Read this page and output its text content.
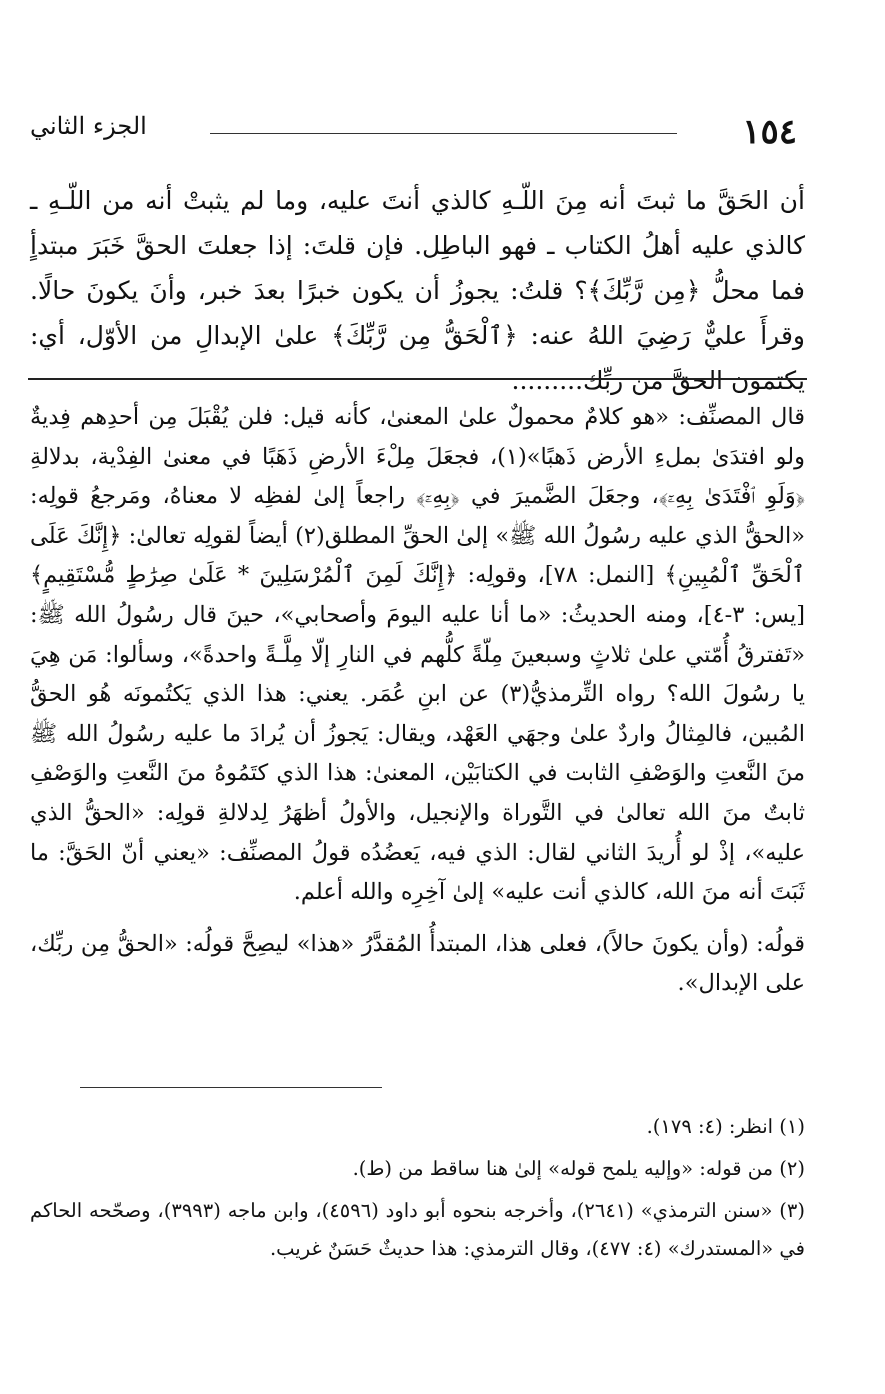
١٥٤
الجزء الثاني

أن الحَقَّ ما ثبتَ أنه مِنَ اللّـهِ كالذي أنتَ عليه، وما لم يثبتْ أنه من اللّـهِ ـ كالذي عليه أهلُ الكتاب ـ فهو الباطِل. فإن قلتَ: إذا جعلتَ الحقَّ خَبَرَ مبتدأٍ فما محلُّ ﴿مِن رَّبِّكَ﴾؟ قلتُ: يجوزُ أن يكون خبرًا بعدَ خبر، وأنَ يكونَ حالًا. وقرأَ عليٌّ رَضِيَ اللهُ عنه: ﴿ٱلْحَقُّ مِن رَّبِّكَ﴾ علىٰ الإبدالِ من الأوّل، أي: يكتمون الحقَّ من ربِّك.........

قال المصنِّف: «هو كلامٌ محمولٌ علىٰ المعنىٰ، كأنه قيل: فلن يُقْبَلَ مِن أحدِهم فِديةٌ ولو افتدَىٰ بملءِ الأرض ذَهبًا»(١)، فجعَلَ مِلْءَ الأرضِ ذَهَبًا في معنىٰ الفِدْية، بدلالةِ ﴿وَلَوِ ٱفْتَدَىٰ بِهِۦٓ﴾، وجعَلَ الضَّميرَ في ﴿بِهِۦٓ﴾ راجعاً إلىٰ لفظِه لا معناهُ، ومَرجعُ قولِه: «الحقُّ الذي عليه رسُولُ الله ﷺ» إلىٰ الحقِّ المطلق(٢) أيضاً لقولِه تعالىٰ: ﴿إِنَّكَ عَلَى ٱلْحَقِّ ٱلْمُبِينِ﴾ [النمل: ٧٨]، وقولِه: ﴿إِنَّكَ لَمِنَ ٱلْمُرْسَلِينَ * عَلَىٰ صِرَٰطٍ مُّسْتَقِيمٍ﴾ [يس: ٣-٤]، ومنه الحديثُ: «ما أنا عليه اليومَ وأصحابي»، حينَ قال رسُولُ الله ﷺ: «تَفترقُ أُمّتي علىٰ ثلاثٍ وسبعينَ مِلّةً كلُّهم في النارِ إلّا مِلَّـةً واحدةً»، وسألوا: مَن هِيَ يا رسُولَ الله؟ رواه التِّرمذيُّ(٣) عن ابنِ عُمَر. يعني: هذا الذي يَكتُمونَه هُو الحقُّ المُبين، فالمِثالُ واردٌ علىٰ وجهَي العَهْد، ويقال: يَجوزُ أن يُرادَ ما عليه رسُولُ الله ﷺ منَ النَّعتِ والوَصْفِ الثابت في الكتابَيْن، المعنىٰ: هذا الذي كتَمُوهُ منَ النَّعتِ والوَصْفِ ثابتٌ منَ الله تعالىٰ في التَّوراة والإنجيل، والأولُ أظهَرُ لِدلالةِ قولِه: «الحقُّ الذي عليه»، إذْ لو أُريدَ الثاني لقال: الذي فيه، يَعضُدُه قولُ المصنِّف: «يعني أنّ الحَقَّ: ما ثَبَتَ أنه منَ الله، كالذي أنت عليه» إلىٰ آخِرِه والله أعلم.

قولُه: (وأن يكونَ حالاً)، فعلى هذا، المبتدأُ المُقدَّرُ «هذا» ليصِحَّ قولُه: «الحقُّ مِن ربِّك، على الإبدال».

(١) انظر: (٤: ١٧٩).

(٢) من قوله: «وإليه يلمح قوله» إلىٰ هنا ساقط من (ط).

(٣) «سنن الترمذي» (٢٦٤١)، وأخرجه بنحوه أبو داود (٤٥٩٦)، وابن ماجه (٣٩٩٣)، وصحّحه الحاكم في «المستدرك» (٤: ٤٧٧)، وقال الترمذي: هذا حديثٌ حَسَنٌ غريب.
